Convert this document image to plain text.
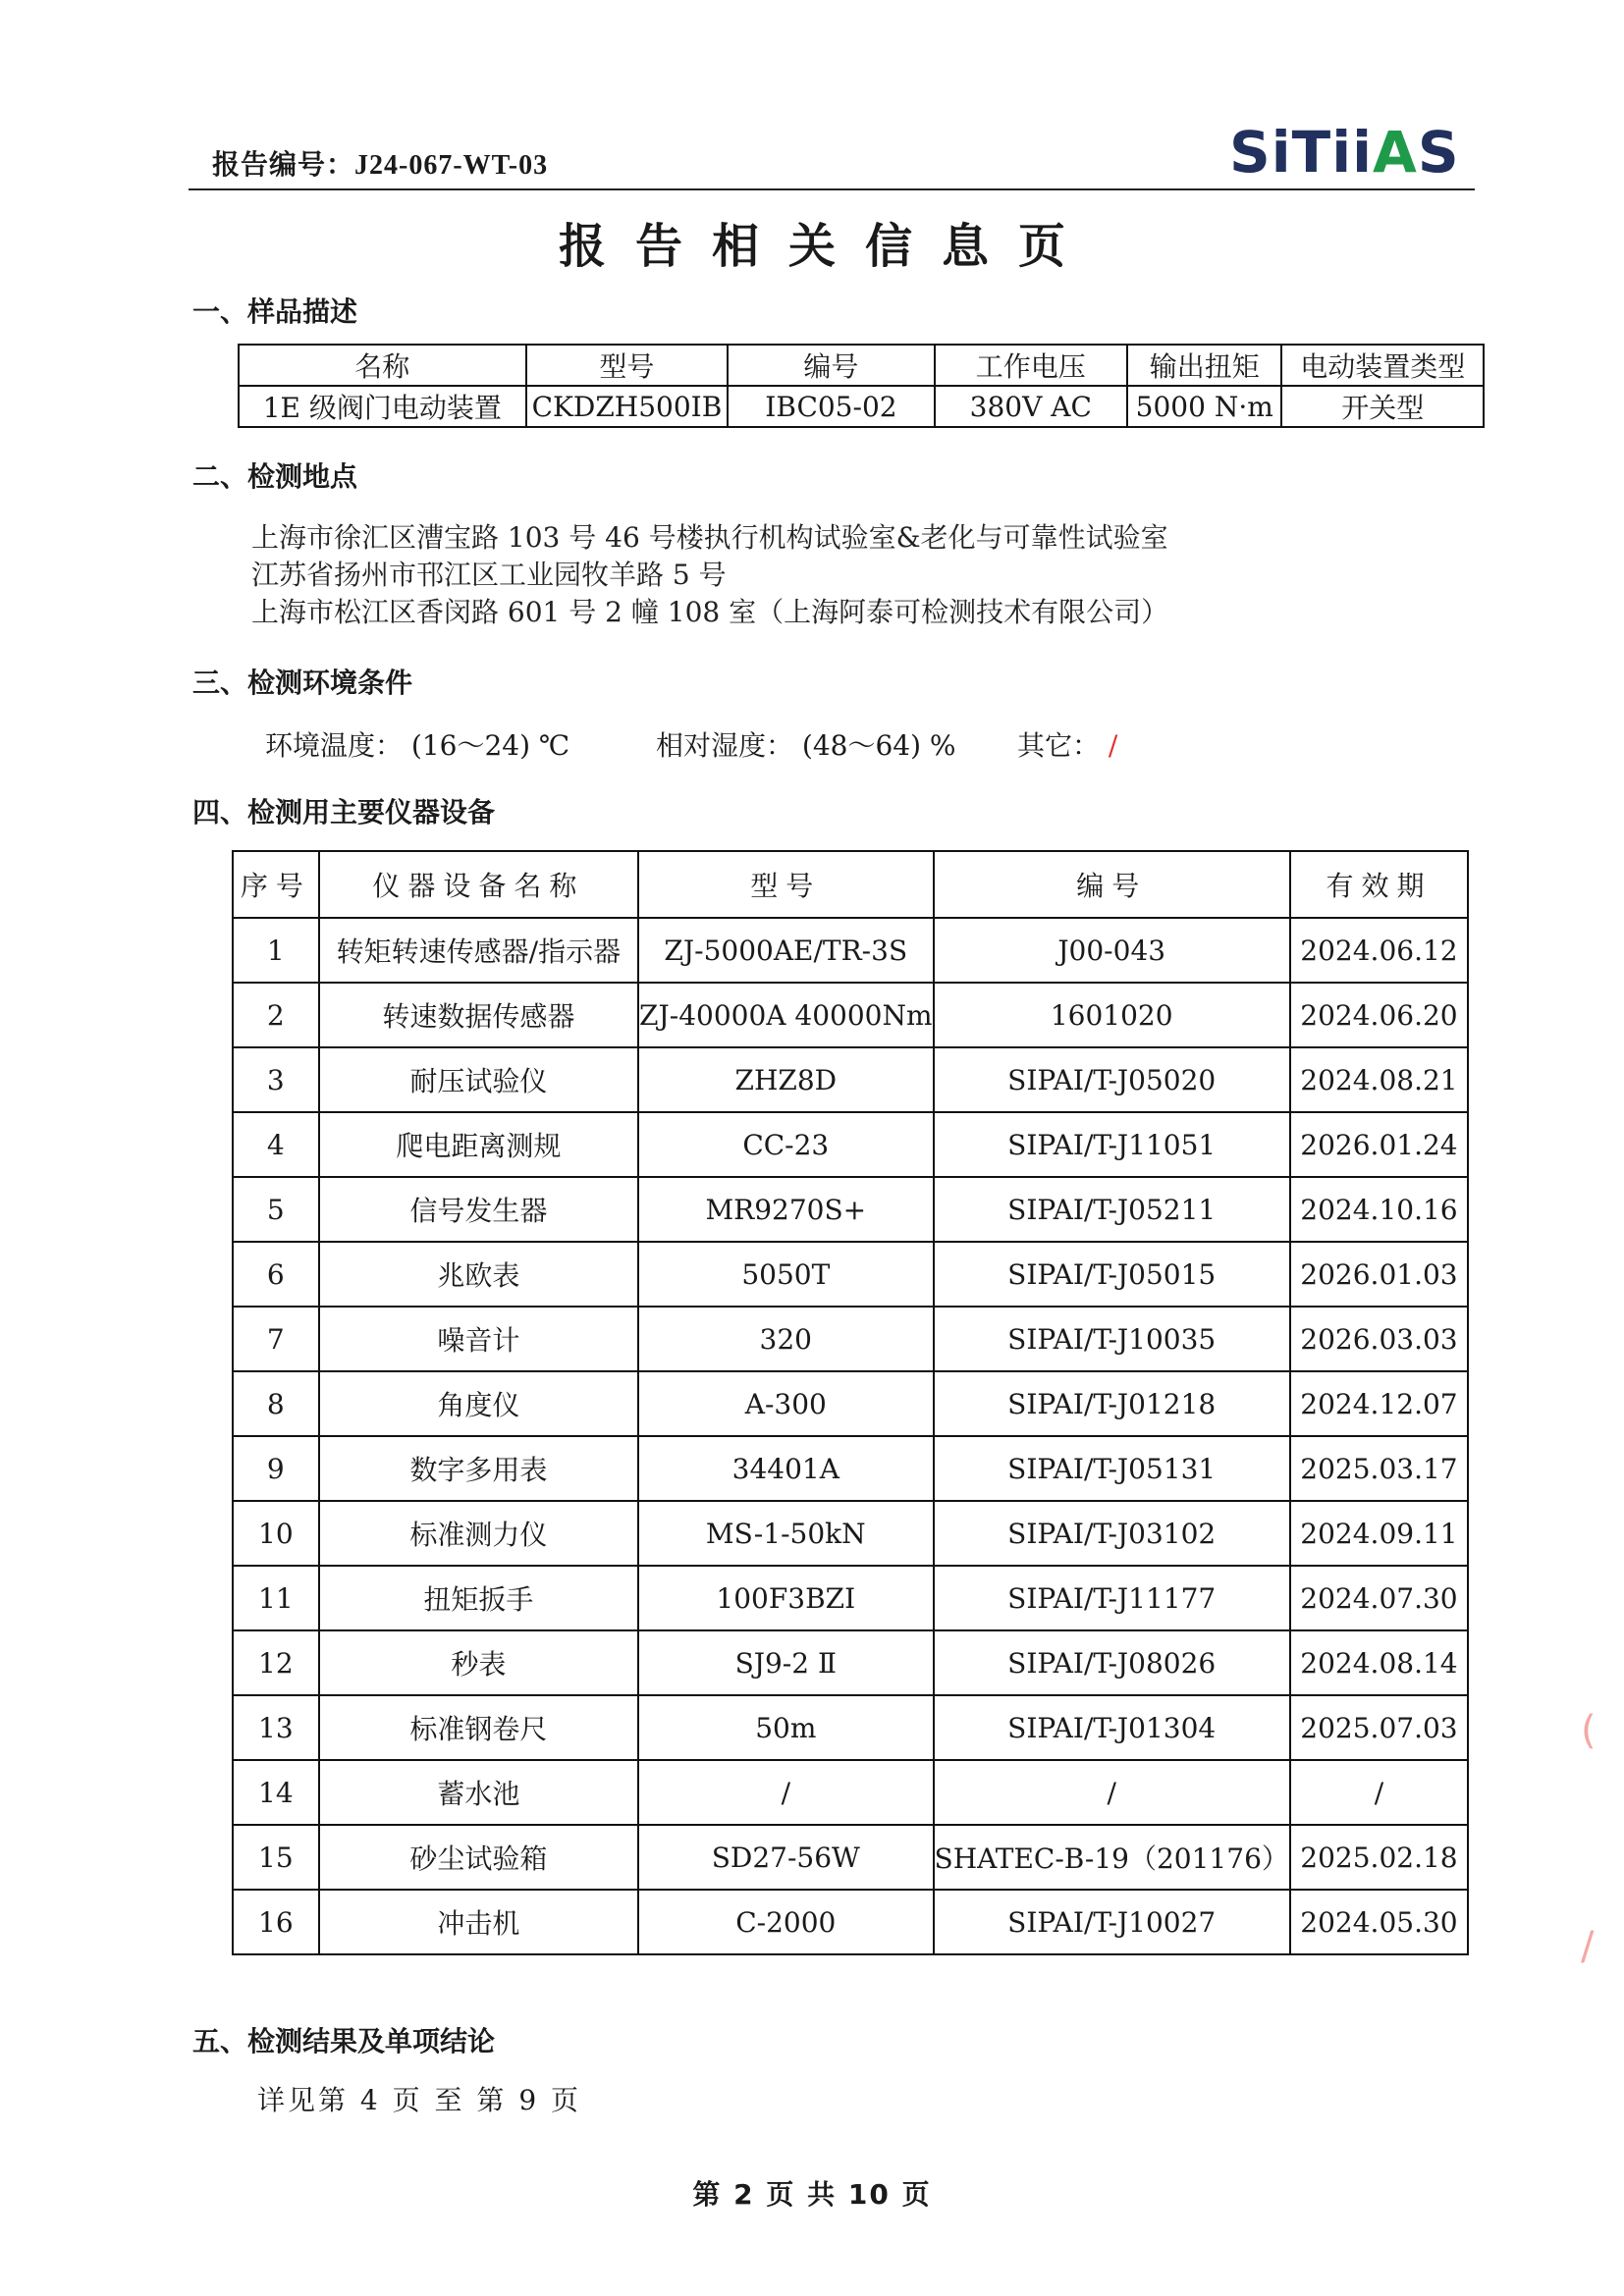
报告编号：J24-067-WT-03	SiTii A S
报告相关信息页
一、样品描述
名称	型号	编号	工作电压	输出扭矩	电动装置类型
1E 级阀门电动装置	CKDZH500IB	IBC05-02	380V AC	5000 N·m	开关型
二、检测地点
上海市徐汇区漕宝路 103 号 46 号楼执行机构试验室&老化与可靠性试验室
江苏省扬州市邗江区工业园牧羊路 5 号
上海市松江区香闵路 601 号 2 幢 108 室（上海阿泰可检测技术有限公司）
三、检测环境条件
环境温度： (16～24) ℃	相对湿度： (48～64) % 其它： /
四、检测用主要仪器设备
序号	仪器设备名称	型号	编号	有效期
1	转矩转速传感器/指示器	ZJ-5000AE/TR-3S	J00-043	2024.06.12
2	转速数据传感器	ZJ-40000A 40000Nm	1601020	2024.06.20
3	耐压试验仪	ZHZ8D	SIPAI/T-J05020	2024.08.21
4	爬电距离测规	CC-23	SIPAI/T-J11051	2026.01.24
5	信号发生器	MR9270S+	SIPAI/T-J05211	2024.10.16
6	兆欧表	5050T	SIPAI/T-J05015	2026.01.03
7	噪音计	320	SIPAI/T-J10035	2026.03.03
8	角度仪	A-300	SIPAI/T-J01218	2024.12.07
9	数字多用表	34401A	SIPAI/T-J05131	2025.03.17
10	标准测力仪	MS-1-50kN	SIPAI/T-J03102	2024.09.11
11	扭矩扳手	100F3BZI	SIPAI/T-J11177	2024.07.30
12	秒表	SJ9-2 Ⅱ	SIPAI/T-J08026	2024.08.14
13	标准钢卷尺	50m	SIPAI/T-J01304	2025.07.03
14	蓄水池	/	/	/
15	砂尘试验箱	SD27-56W	SHATEC-B-19（201176）	2025.02.18
16	冲击机	C-2000	SIPAI/T-J10027	2024.05.30
五、检测结果及单项结论
详见第 4 页 至 第 9 页
第 2 页 共 10 页
(
/
